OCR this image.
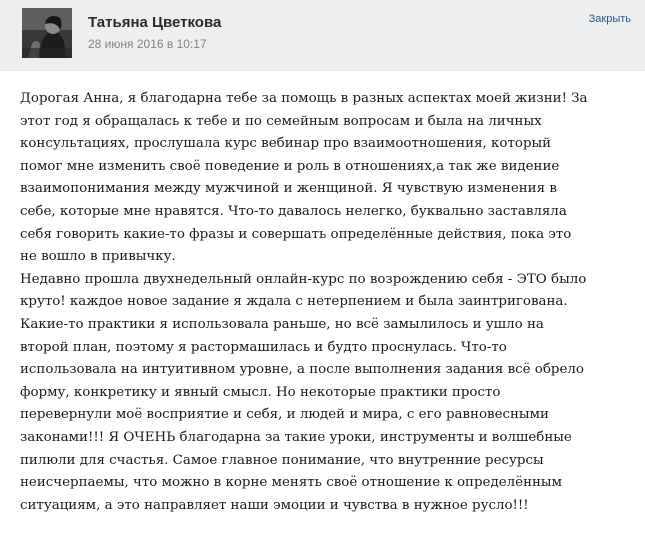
Татьяна Цветкова
28 июня 2016 в 10:17
Закрыть

Дорогая Анна, я благодарна тебе за помощь в разных аспектах моей жизни! За

этот год я обращалась к тебе и по семейным вопросам и была на личных

консультациях, прослушала курс вебинар про взаимоотношения, который

помог мне изменить своё поведение и роль в отношениях,а так же видение

взаимопонимания между мужчиной и женщиной. Я чувствую изменения в

себе, которые мне нравятся. Что-то давалось нелегко, буквально заставляла

себя говорить какие-то фразы и совершать определённые действия, пока это

не вошло в привычку.

Недавно прошла двухнедельный онлайн-курс по возрождению себя - ЭТО было

круто! каждое новое задание я ждала с нетерпением и была заинтригована.

Какие-то практики я использовала раньше, но всё замылилось и ушло на

второй план, поэтому я растормашилась и будто проснулась. Что-то

использовала на интуитивном уровне, а после выполнения задания всё обрело

форму, конкретику и явный смысл. Но некоторые практики просто

перевернули моё восприятие и себя, и людей и мира, с его равновесными

законами!!! Я ОЧЕНЬ благодарна за такие уроки, инструменты и волшебные

пилюли для счастья. Самое главное понимание, что внутренние ресурсы

неисчерпаемы, что можно в корне менять своё отношение к определённым

ситуациям, а это направляет наши эмоции и чувства в нужное русло!!!
